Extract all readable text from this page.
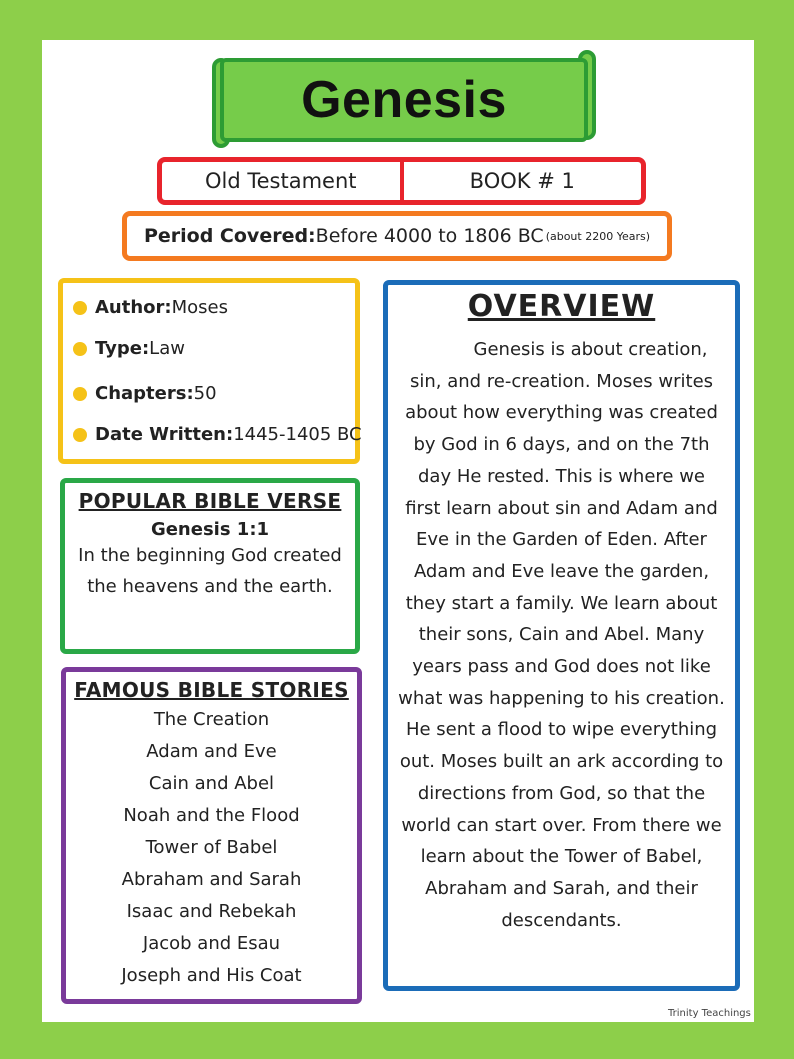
Genesis
Old Testament	BOOK # 1
Period Covered: Before 4000 to 1806 BC (about 2200 Years)
Author: Moses
Type: Law
Chapters: 50
Date Written: 1445-1405 BC
POPULAR BIBLE VERSE
Genesis 1:1
In the beginning God created the heavens and the earth.
FAMOUS BIBLE STORIES
The Creation
Adam and Eve
Cain and Abel
Noah and the Flood
Tower of Babel
Abraham and Sarah
Isaac and Rebekah
Jacob and Esau
Joseph and His Coat
OVERVIEW
Genesis is about creation, sin, and re-creation. Moses writes about how everything was created by God in 6 days, and on the 7th day He rested. This is where we first learn about sin and Adam and Eve in the Garden of Eden. After Adam and Eve leave the garden, they start a family. We learn about their sons, Cain and Abel. Many years pass and God does not like what was happening to his creation. He sent a flood to wipe everything out. Moses built an ark according to directions from God, so that the world can start over. From there we learn about the Tower of Babel, Abraham and Sarah, and their descendants.
Trinity Teachings
